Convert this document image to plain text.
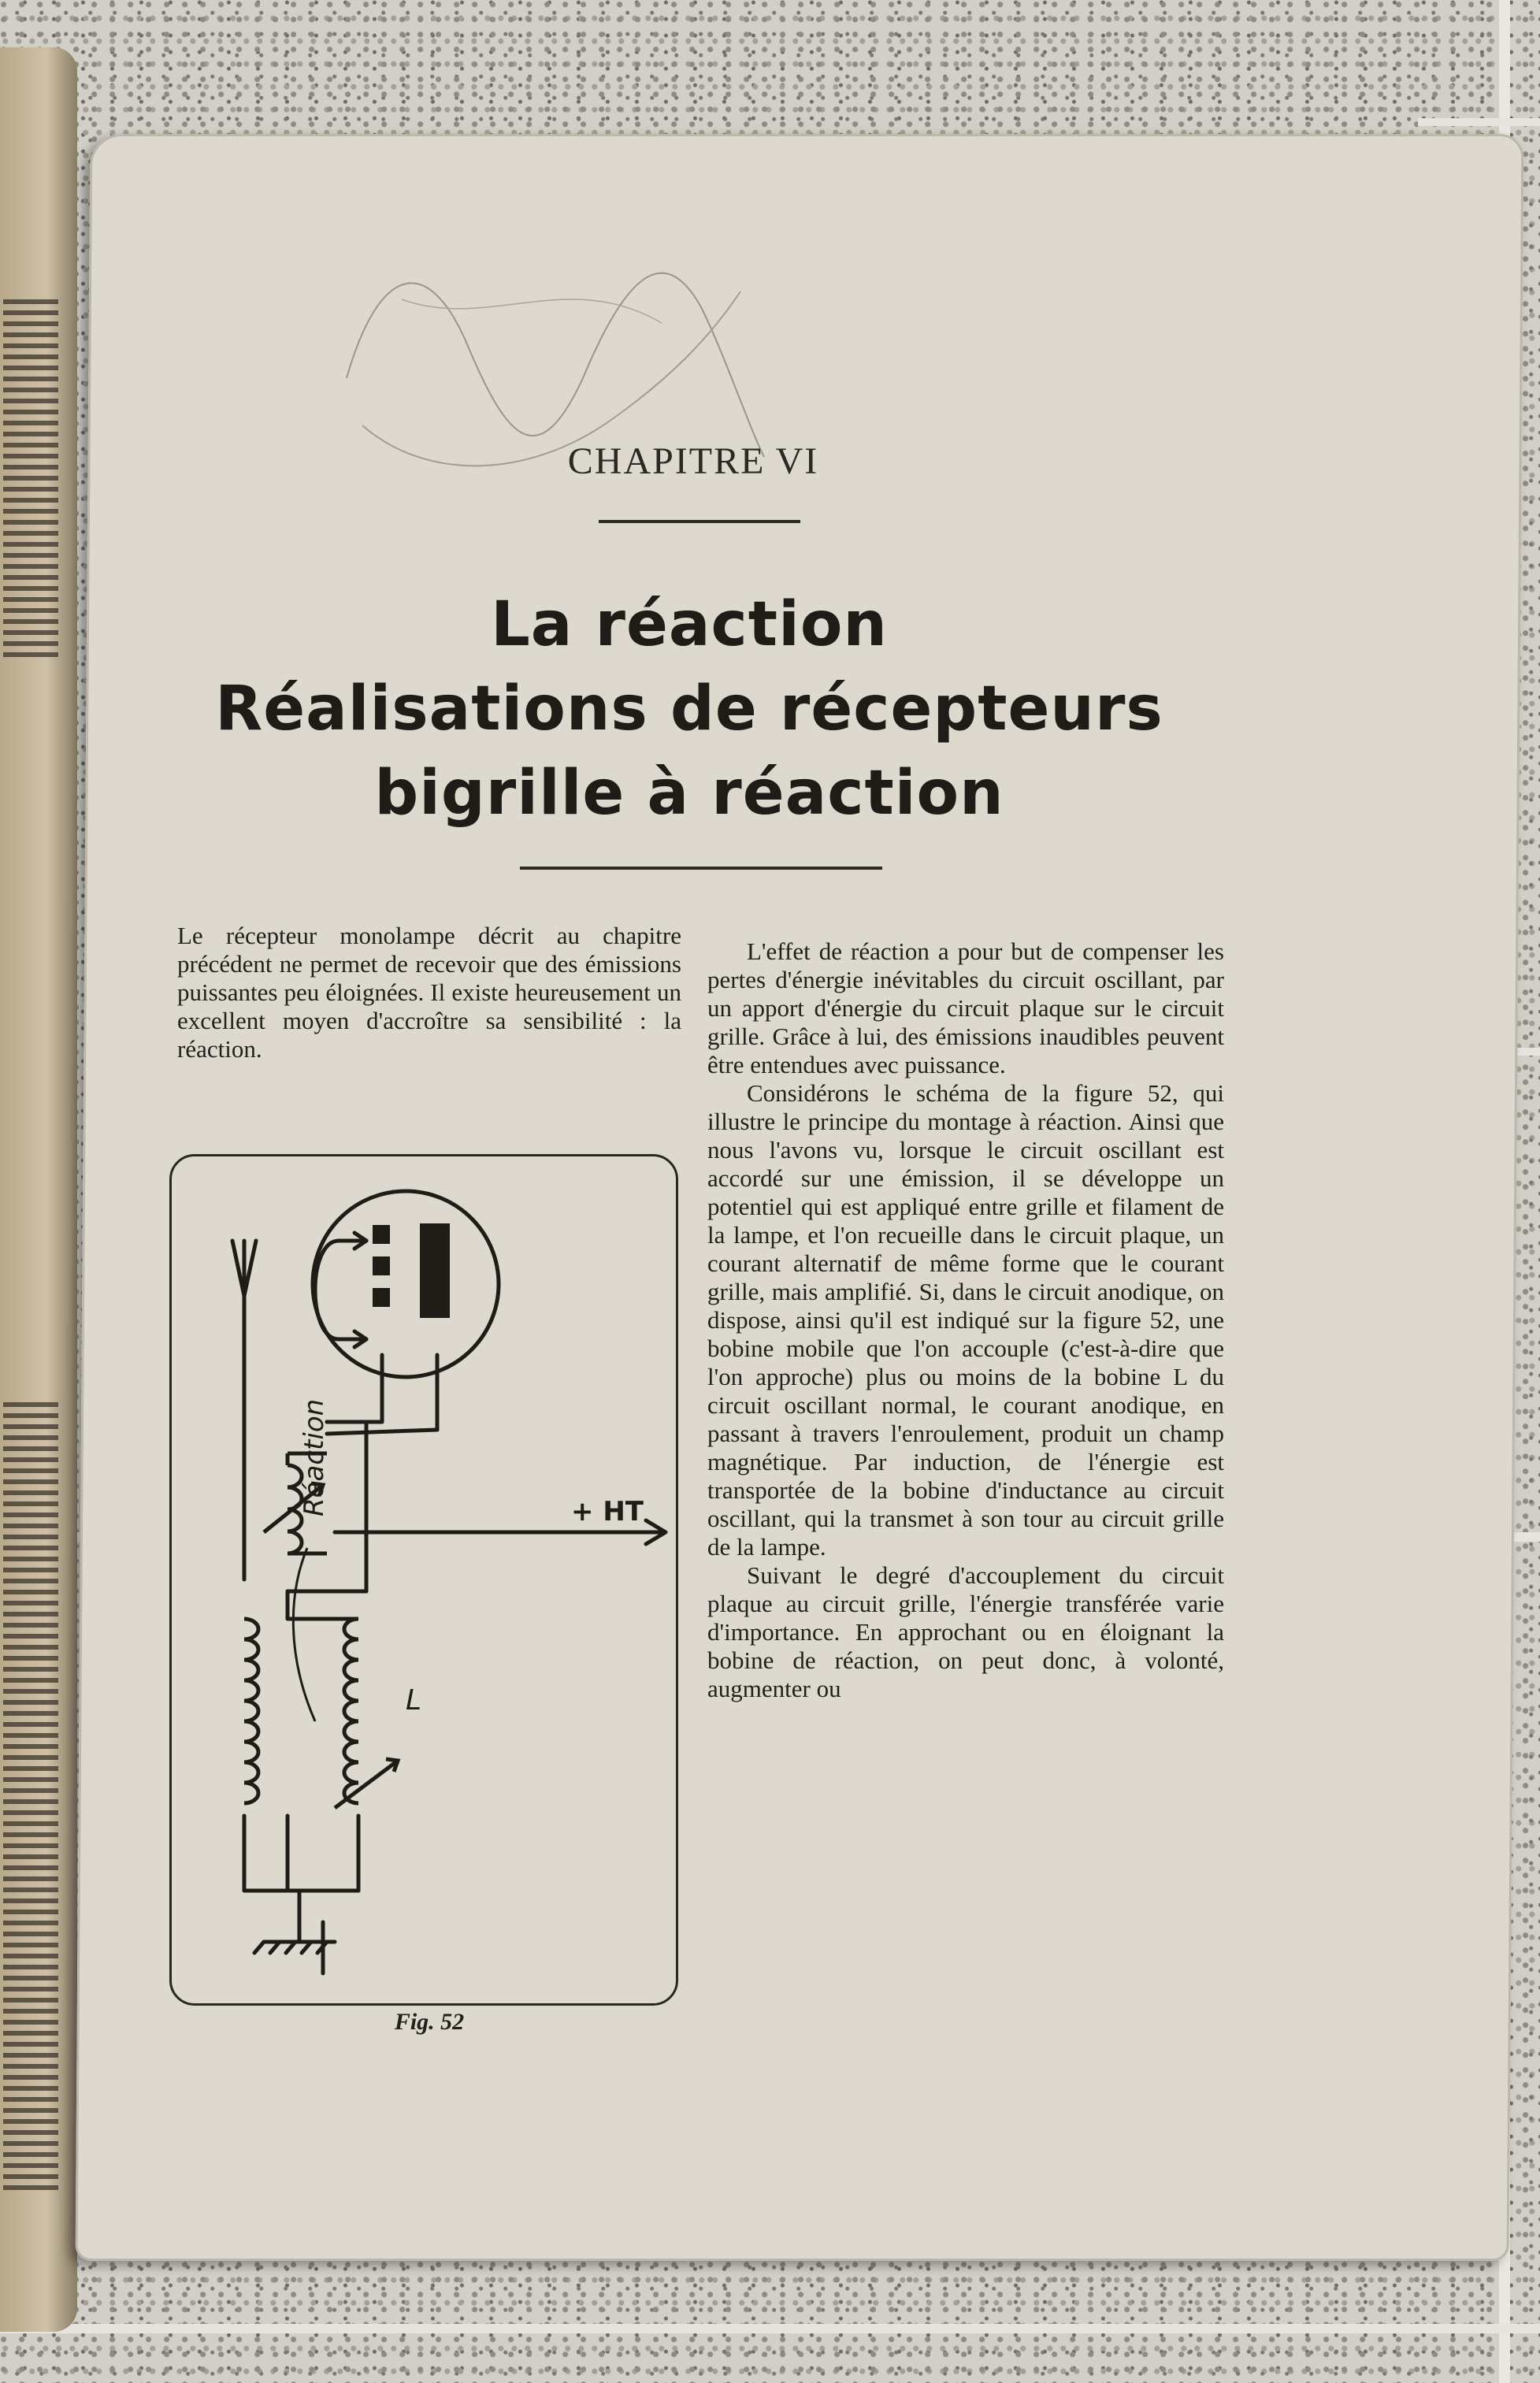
CHAPITRE VI
La réaction
Réalisations de récepteurs
bigrille à réaction

Le récepteur monolampe décrit au chapitre précédent ne permet de recevoir que des émissions puissantes peu éloignées. Il existe heureusement un excellent moyen d'accroître sa sensibilité : la réaction.

Réaction	+ HT
L
Fig. 52

L'effet de réaction a pour but de compenser les pertes d'énergie inévitables du circuit oscillant, par un apport d'énergie du circuit plaque sur le circuit grille. Grâce à lui, des émissions inaudibles peuvent être entendues avec puissance.

Considérons le schéma de la figure 52, qui illustre le principe du montage à réaction. Ainsi que nous l'avons vu, lorsque le circuit oscillant est accordé sur une émission, il se développe un potentiel qui est appliqué entre grille et filament de la lampe, et l'on recueille dans le circuit plaque, un courant alternatif de même forme que le courant grille, mais amplifié. Si, dans le circuit anodique, on dispose, ainsi qu'il est indiqué sur la figure 52, une bobine mobile que l'on accouple (c'est-à-dire que l'on approche) plus ou moins de la bobine L du circuit oscillant normal, le courant anodique, en passant à travers l'enroulement, produit un champ magnétique. Par induction, de l'énergie est transportée de la bobine d'inductance au circuit oscillant, qui la transmet à son tour au circuit grille de la lampe.

Suivant le degré d'accouplement du circuit plaque au circuit grille, l'énergie transférée varie d'importance. En approchant ou en éloignant la bobine de réaction, on peut donc, à volonté, augmenter ou
